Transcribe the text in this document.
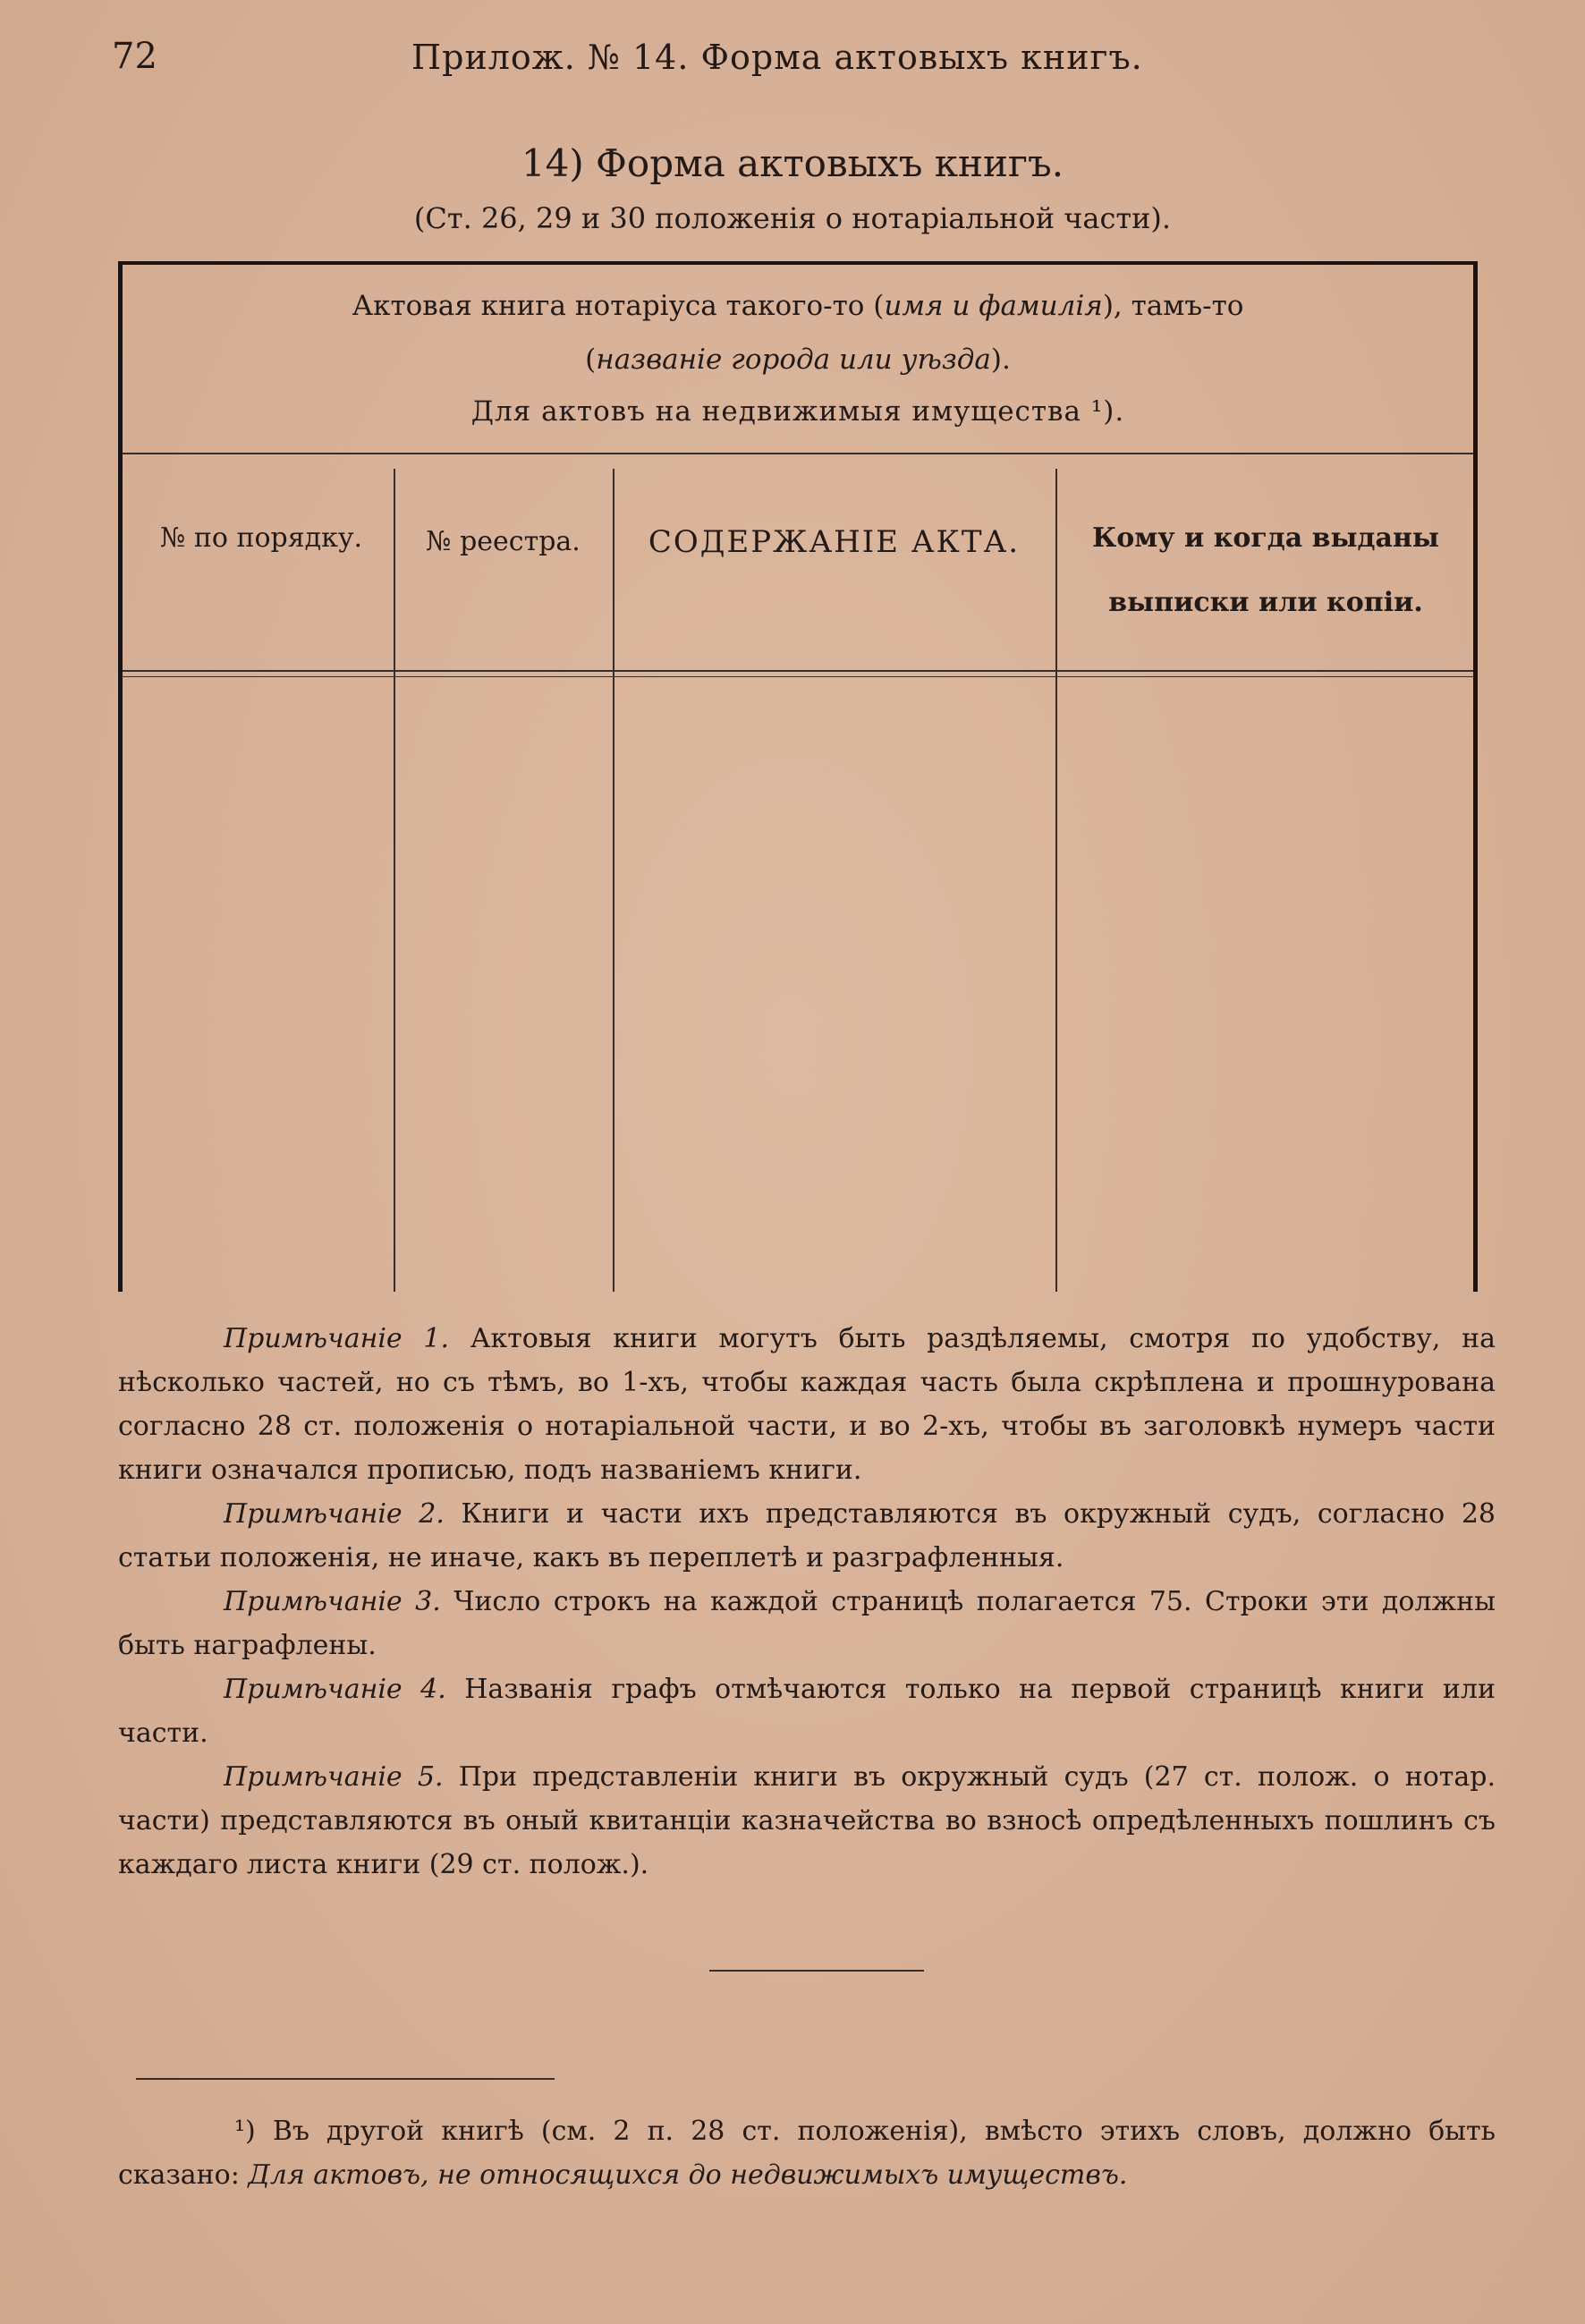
72	Прилож. № 14. Форма актовыхъ книгъ.
14) Форма актовыхъ книгъ.
(Ст. 26, 29 и 30 положенія о нотаріальной части).
Актовая книга нотаріуса такого-то (имя и фамилія), тамъ-то
(названіе города или уѣзда).
Для актовъ на недвижимыя имущества ¹).
№ по порядку.	№ реестра.	СОДЕРЖАНІЕ АКТА.	Кому и когда выданы выписки или копіи.

Примѣчаніе 1. Актовыя книги могутъ быть раздѣляемы, смотря по удобству, на нѣсколько частей, но съ тѣмъ, во 1-хъ, чтобы каждая часть была скрѣплена и прошнурована согласно 28 ст. положенія о нотаріальной части, и во 2-хъ, чтобы въ заголовкѣ нумеръ части книги означался прописью, подъ названіемъ книги.

Примѣчаніе 2. Книги и части ихъ представляются въ окружный судъ, согласно 28 статьи положенія, не иначе, какъ въ переплетѣ и разграфленныя.

Примѣчаніе 3. Число строкъ на каждой страницѣ полагается 75. Строки эти должны быть награфлены.

Примѣчаніе 4. Названія графъ отмѣчаются только на первой страницѣ книги или части.

Примѣчаніе 5. При представленіи книги въ окружный судъ (27 ст. полож. о нотар. части) представляются въ оный квитанціи казначейства во взносѣ опредѣленныхъ пошлинъ съ каждаго листа книги (29 ст. полож.).

¹) Въ другой книгѣ (см. 2 п. 28 ст. положенія), вмѣсто этихъ словъ, должно быть сказано: Для актовъ, не относящихся до недвижимыхъ имуществъ.
